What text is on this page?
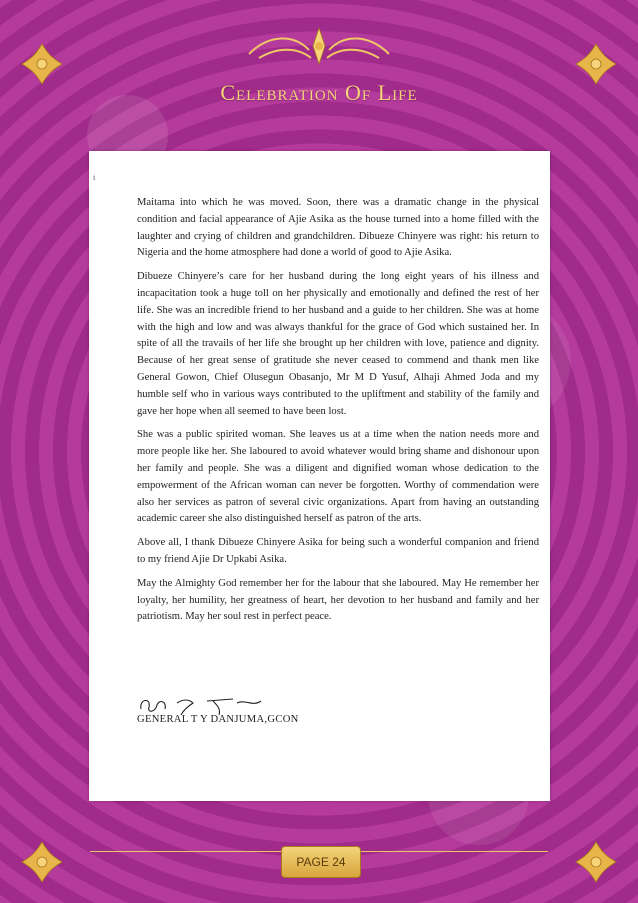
Celebration Of Life
i

Maitama into which he was moved. Soon, there was a dramatic change in the physical condition and facial appearance of Ajie Asika as the house turned into a home filled with the laughter and crying of children and grandchildren. Dibueze Chinyere was right: his return to Nigeria and the home atmosphere had done a world of good to Ajie Asika.

Dibueze Chinyere’s care for her husband during the long eight years of his illness and incapacitation took a huge toll on her physically and emotionally and defined the rest of her life. She was an incredible friend to her husband and a guide to her children. She was at home with the high and low and was always thankful for the grace of God which sustained her. In spite of all the travails of her life she brought up her children with love, patience and dignity. Because of her great sense of gratitude she never ceased to commend and thank men like General Gowon, Chief Olusegun Obasanjo, Mr M D Yusuf, Alhaji Ahmed Joda and my humble self who in various ways contributed to the upliftment and stability of the family and gave her hope when all seemed to have been lost.

She was a public spirited woman. She leaves us at a time when the nation needs more and more people like her. She laboured to avoid whatever would bring shame and dishonour upon her family and people. She was a diligent and dignified woman whose dedication to the empowerment of the African woman can never be forgotten. Worthy of commendation were also her services as patron of several civic organizations. Apart from having an outstanding academic career she also distinguished herself as patron of the arts.

Above all, I thank Dibueze Chinyere Asika for being such a wonderful companion and friend to my friend Ajie Dr Upkabi Asika.

May the Almighty God remember her for the labour that she laboured. May He remember her loyalty, her humility, her greatness of heart, her devotion to her husband and family and her patriotism. May her soul rest in perfect peace.

GENERAL T Y DANJUMA,GCON
PAGE 24
